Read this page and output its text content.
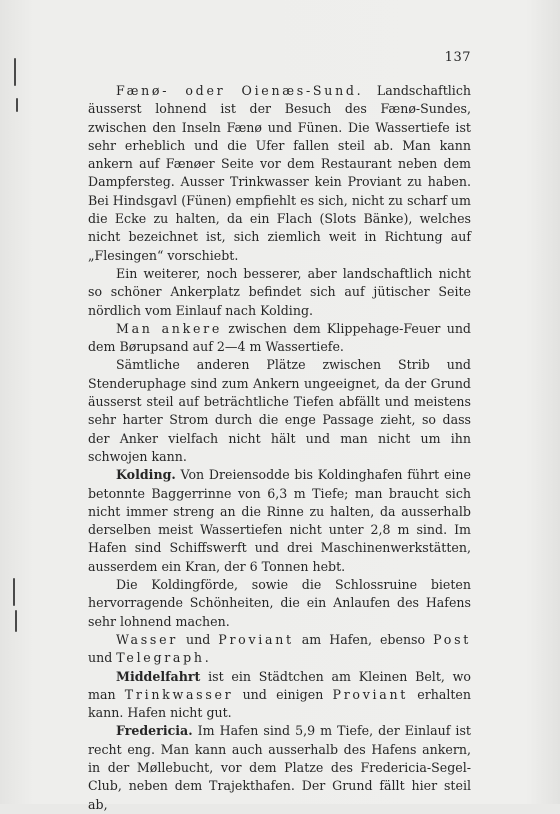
137

Fænø- oder Oienæs-Sund. Landschaftlich äusserst lohnend ist der Besuch des Fænø-Sundes, zwischen den Inseln Fænø und Fünen. Die Wassertiefe ist sehr erheblich und die Ufer fallen steil ab. Man kann ankern auf Fænøer Seite vor dem Restaurant neben dem Dampfersteg. Ausser Trinkwasser kein Proviant zu haben. Bei Hindsgavl (Fünen) empfiehlt es sich, nicht zu scharf um die Ecke zu halten, da ein Flach (Slots Bänke), welches nicht bezeichnet ist, sich ziemlich weit in Richtung auf „Flesingen“ vorschiebt.

Ein weiterer, noch besserer, aber landschaftlich nicht so schöner Ankerplatz befindet sich auf jütischer Seite nördlich vom Einlauf nach Kolding.

Man ankere zwischen dem Klippehage-Feuer und dem Børupsand auf 2—4 m Wassertiefe.

Sämtliche anderen Plätze zwischen Strib und Stenderuphage sind zum Ankern ungeeignet, da der Grund äusserst steil auf beträchtliche Tiefen abfällt und meistens sehr harter Strom durch die enge Passage zieht, so dass der Anker vielfach nicht hält und man nicht um ihn schwojen kann.

Kolding. Von Dreiensodde bis Koldinghafen führt eine betonnte Baggerrinne von 6,3 m Tiefe; man braucht sich nicht immer streng an die Rinne zu halten, da ausserhalb derselben meist Wassertiefen nicht unter 2,8 m sind. Im Hafen sind Schiffswerft und drei Maschinenwerkstätten, ausserdem ein Kran, der 6 Tonnen hebt.

Die Koldingförde, sowie die Schlossruine bieten hervorragende Schönheiten, die ein Anlaufen des Hafens sehr lohnend machen.

Wasser und Proviant am Hafen, ebenso Post und Telegraph.

Middelfahrt ist ein Städtchen am Kleinen Belt, wo man Trinkwasser und einigen Proviant erhalten kann. Hafen nicht gut.

Fredericia. Im Hafen sind 5,9 m Tiefe, der Einlauf ist recht eng. Man kann auch ausserhalb des Hafens ankern, in der Møllebucht, vor dem Platze des Fredericia-Segel-Club, neben dem Trajekthafen. Der Grund fällt hier steil ab,
